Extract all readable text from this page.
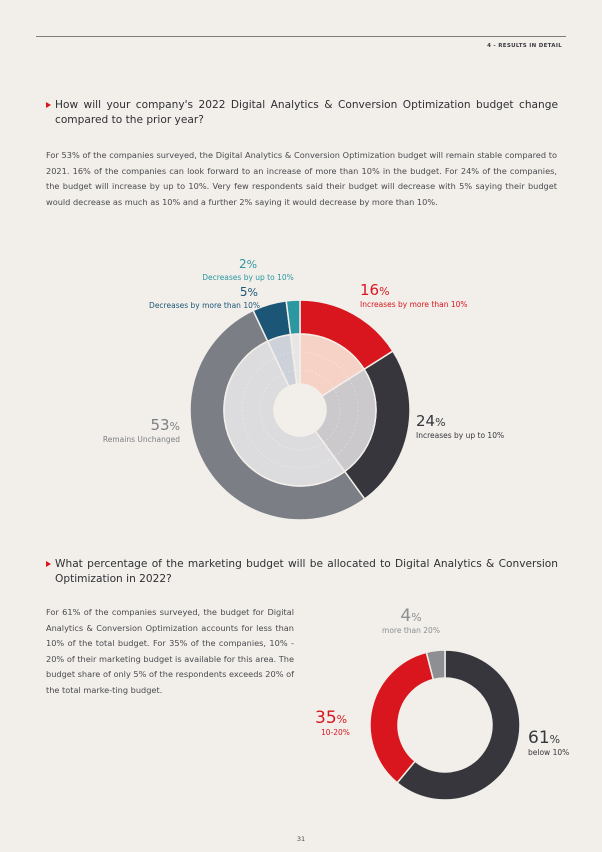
4 - RESULTS IN DETAIL
How will your company's 2022 Digital Analytics & Conversion Optimization budget change compared to the prior year?
For 53% of the companies surveyed, the Digital Analytics & Conversion Optimization budget will remain stable compared to 2021. 16% of the companies can look forward to an increase of more than 10% in the budget. For 24% of the companies, the budget will increase by up to 10%. Very few respondents said their budget will decrease with 5% saying their budget would decrease as much as 10% and a further 2% saying it would decrease by more than 10%.
What percentage of the marketing budget will be allocated to Digital Analytics & Conversion Optimization in 2022?
For 61% of the companies surveyed, the budget for Digital Analytics & Conversion Optimization accounts for less than 10% of the total budget. For 35% of the companies, 10% - 20% of their marketing budget is available for this area. The budget share of only 5% of the respondents exceeds 20% of the total marke-ting budget.
16%
Increases by more than 10%
24%
Increases by up to 10%
53%
Remains Unchanged
5%
Decreases by more than 10%
2%
Decreases by up to 10%
61%
below 10%
35%
10-20%
4%
more than 20%
31
